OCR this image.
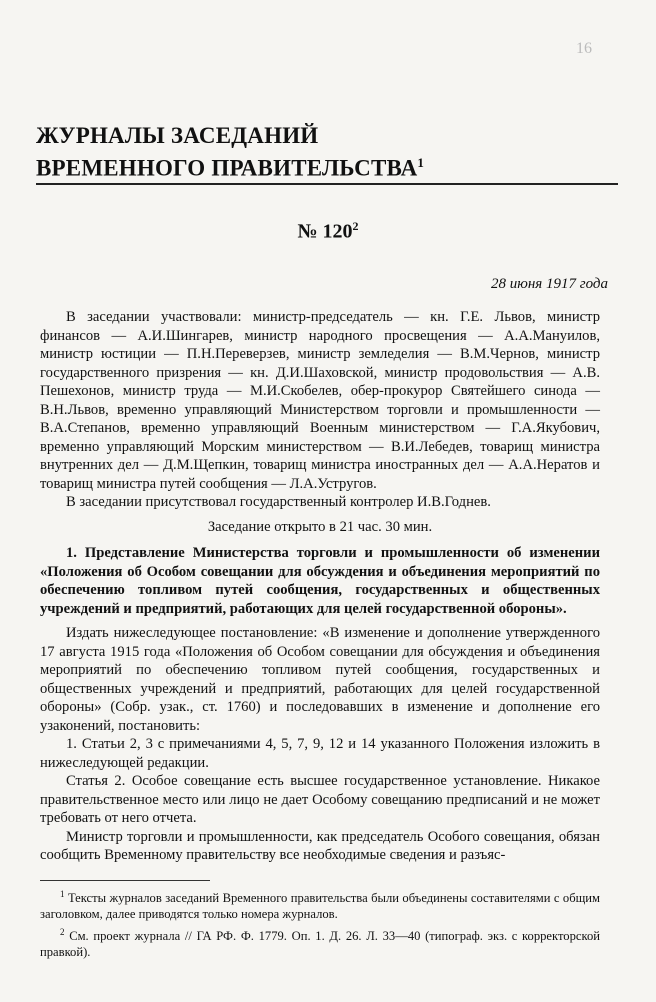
16
ЖУРНАЛЫ ЗАСЕДАНИЙ
ВРЕМЕННОГО ПРАВИТЕЛЬСТВА$^1$
№ $120^2$
28 июня 1917 года

В заседании участвовали: министр-председатель — кн. Г.Е. Львов, министр финансов — А.И.Шингарев, министр народного просвещения — А.А.Мануилов, министр юстиции — П.Н.Переверзев, министр земледелия — В.М.Чернов, министр государственного призрения — кн. Д.И.Шаховской, министр продовольствия — А.В. Пешехонов, министр труда — М.И.Скобелев, обер-прокурор Святейшего синода — В.Н.Львов, временно управляющий Министерством торговли и промышленности — В.А.Степанов, временно управляющий Военным министерством — Г.А.Якубович, временно управляющий Морским министерством — В.И.Лебедев, товарищ министра внутренних дел — Д.М.Щепкин, товарищ министра иностранных дел — А.А.Нератов и товарищ министра путей сообщения — Л.А.Устругов.

В заседании присутствовал государственный контролер И.В.Годнев.

Заседание открыто в 21 час. 30 мин.

1. Представление Министерства торговли и промышленности об изменении «Положения об Особом совещании для обсуждения и объединения мероприятий по обеспечению топливом путей сообщения, государственных и общественных учреждений и предприятий, работающих для целей государственной обороны».

Издать нижеследующее постановление: «В изменение и дополнение утвержденного 17 августа 1915 года «Положения об Особом совещании для обсуждения и объединения мероприятий по обеспечению топливом путей сообщения, государственных и общественных учреждений и предприятий, работающих для целей государственной обороны» (Собр. узак., ст. 1760) и последовавших в изменение и дополнение его узаконений, постановить:

1. Статьи 2, 3 с примечаниями 4, 5, 7, 9, 12 и 14 указанного Положения изложить в нижеследующей редакции.

Статья 2. Особое совещание есть высшее государственное установление. Никакое правительственное место или лицо не дает Особому совещанию предписаний и не может требовать от него отчета.

Министр торговли и промышленности, как председатель Особого совещания, обязан сообщить Временному правительству все необходимые сведения и разъяс-

$^1$ Тексты журналов заседаний Временного правительства были объединены составителями с общим заголовком, далее приводятся только номера журналов.

$^2$ См. проект журнала // ГА РФ. Ф. 1779. Оп. 1. Д. 26. Л. 33—40 (типограф. экз. с корректорской правкой).
